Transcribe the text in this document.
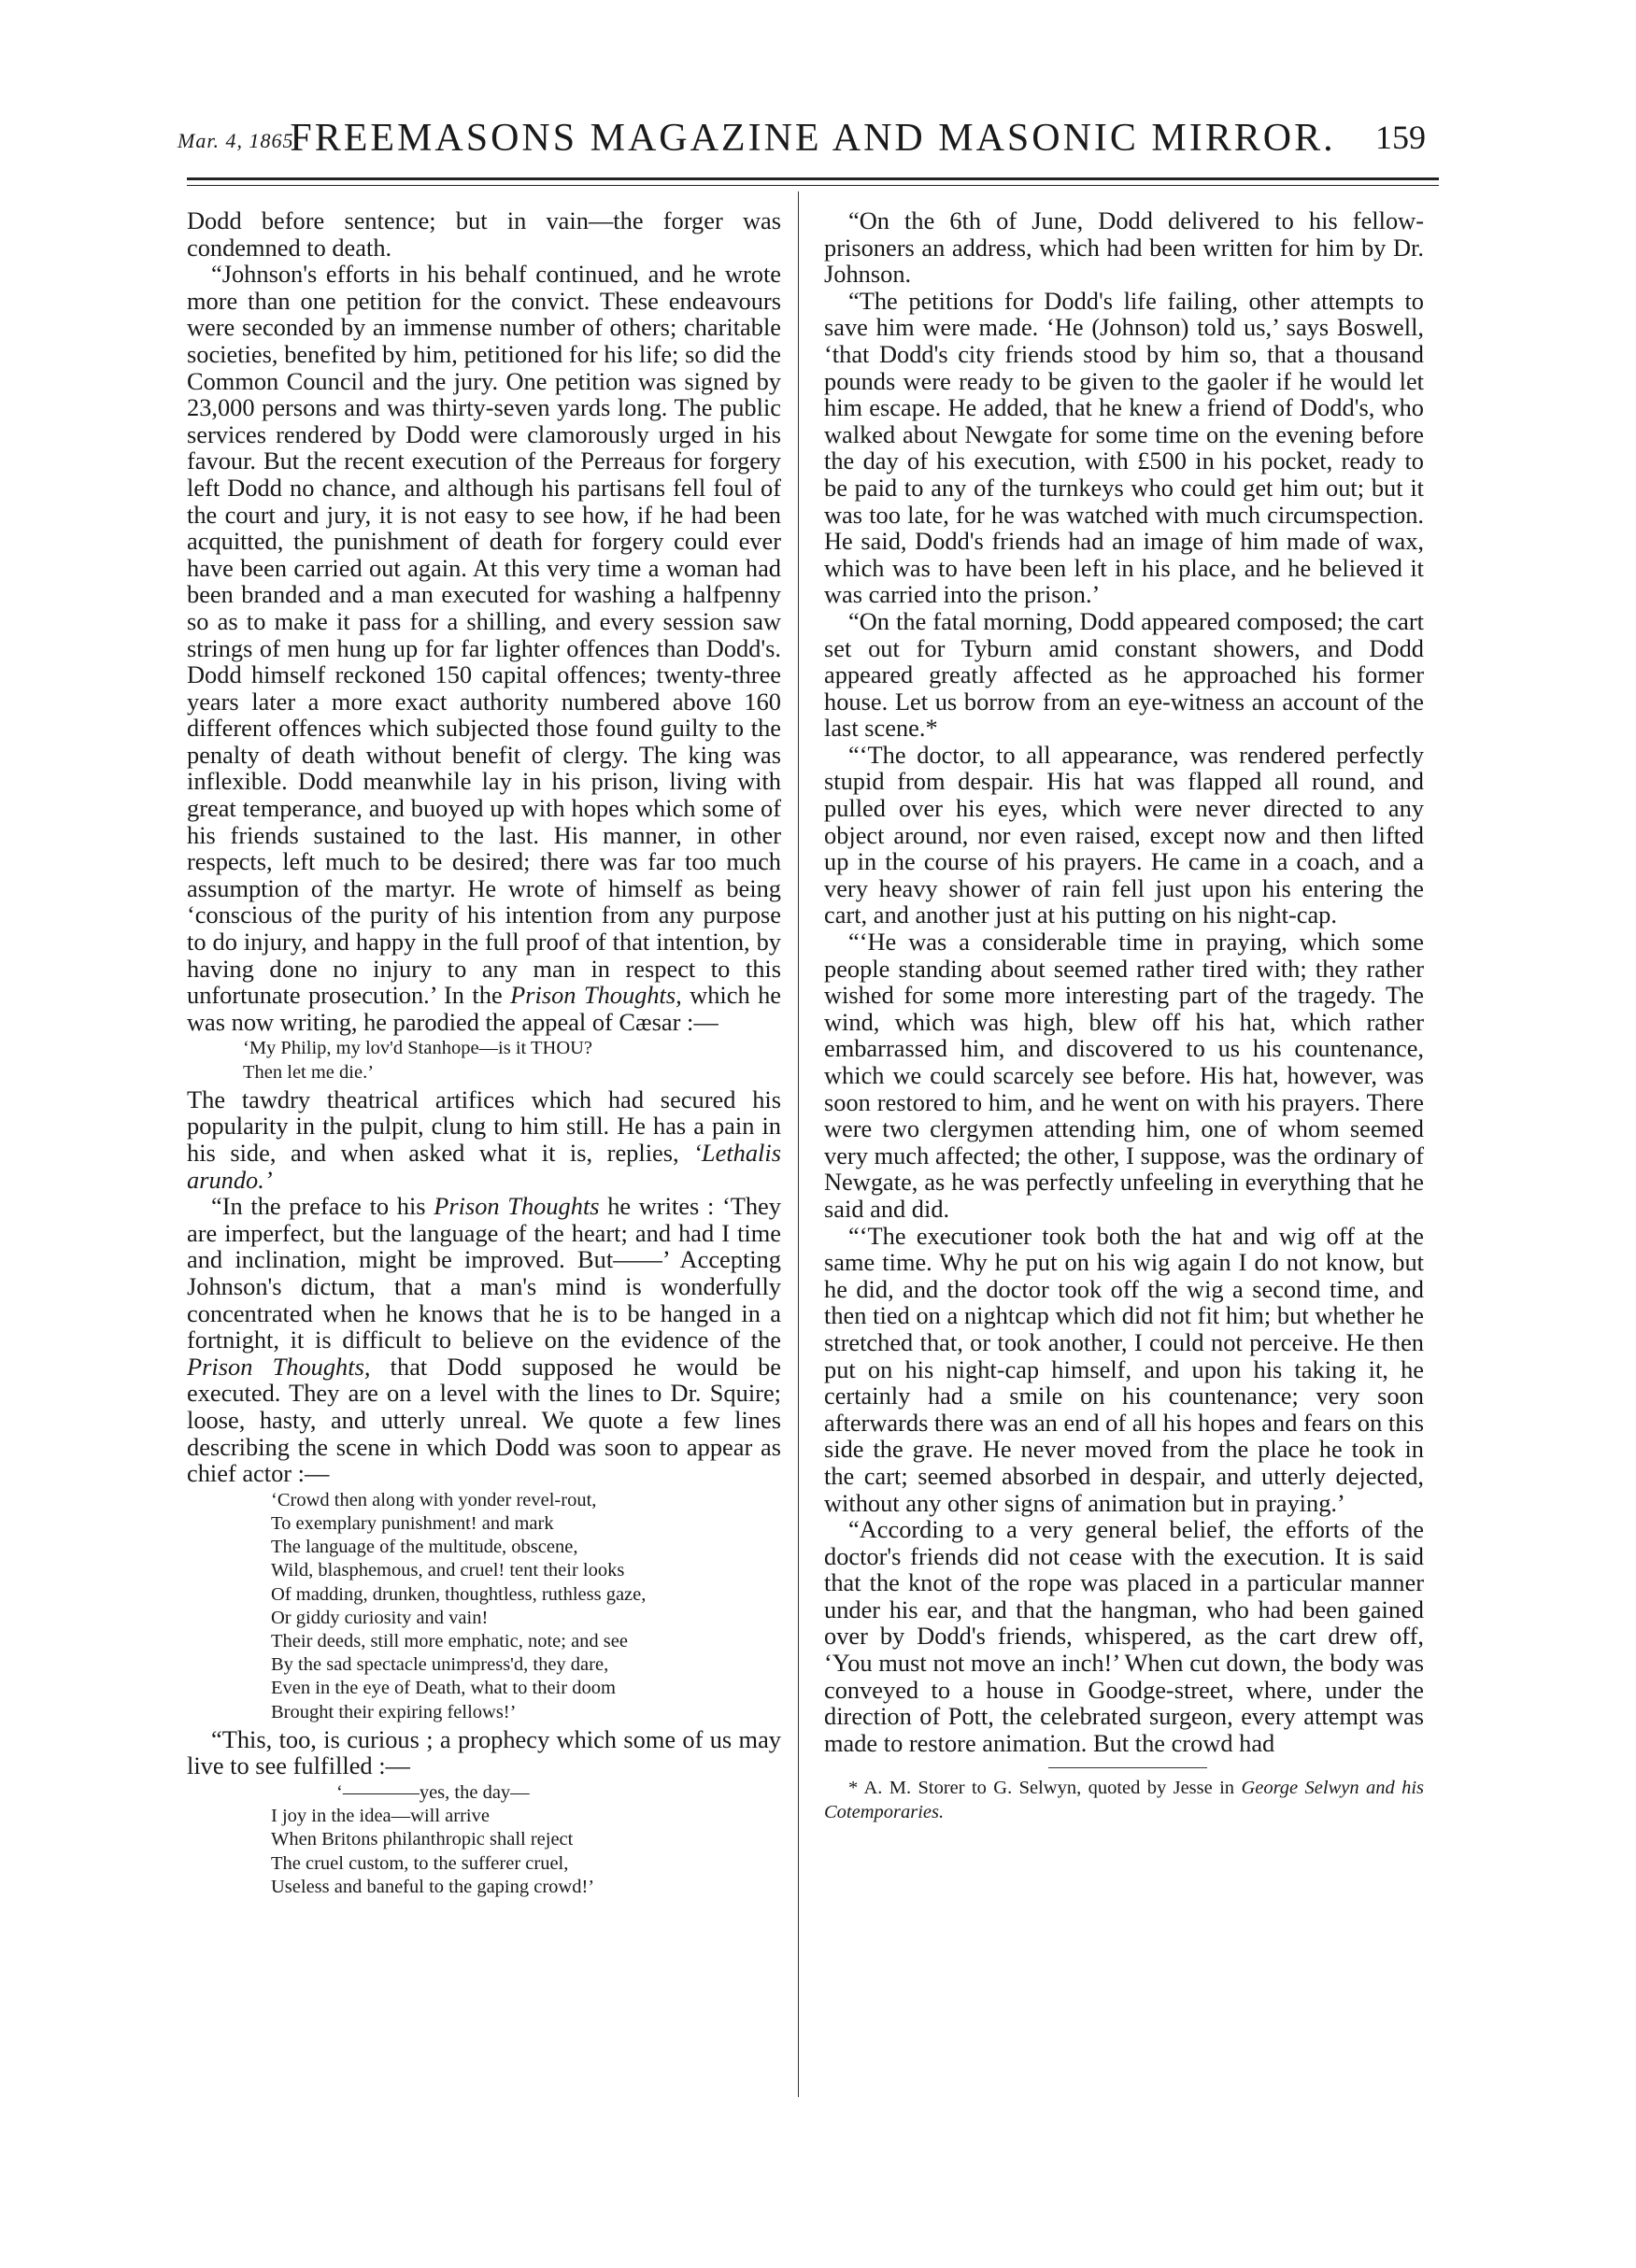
Mar. 4, 1865.
FREEMASONS MAGAZINE AND MASONIC MIRROR.	159

Dodd before sentence; but in vain—the forger was condemned to death.

“Johnson's efforts in his behalf continued, and he wrote more than one petition for the convict. These endeavours were seconded by an immense number of others; charitable societies, benefited by him, petitioned for his life; so did the Common Council and the jury. One petition was signed by 23,000 persons and was thirty-seven yards long. The public services rendered by Dodd were clamorously urged in his favour. But the recent execution of the Perreaus for forgery left Dodd no chance, and although his partisans fell foul of the court and jury, it is not easy to see how, if he had been acquitted, the punishment of death for forgery could ever have been carried out again. At this very time a woman had been branded and a man executed for washing a halfpenny so as to make it pass for a shilling, and every session saw strings of men hung up for far lighter offences than Dodd's. Dodd himself reckoned 150 capital offences; twenty-three years later a more exact authority numbered above 160 different offences which subjected those found guilty to the penalty of death without benefit of clergy. The king was inflexible. Dodd meanwhile lay in his prison, living with great temperance, and buoyed up with hopes which some of his friends sustained to the last. His manner, in other respects, left much to be desired; there was far too much assumption of the martyr. He wrote of himself as being ‘conscious of the purity of his intention from any purpose to do injury, and happy in the full proof of that intention, by having done no injury to any man in respect to this unfortunate prosecution.’ In the Prison Thoughts, which he was now writing, he parodied the appeal of Cæsar :—

‘My Philip, my lov'd Stanhope—is it THOU?
Then let me die.’

The tawdry theatrical artifices which had secured his popularity in the pulpit, clung to him still. He has a pain in his side, and when asked what it is, replies, ‘Lethalis arundo.’

“In the preface to his Prison Thoughts he writes : ‘They are imperfect, but the language of the heart; and had I time and inclination, might be improved. But——’ Accepting Johnson's dictum, that a man's mind is wonderfully concentrated when he knows that he is to be hanged in a fortnight, it is difficult to believe on the evidence of the Prison Thoughts, that Dodd supposed he would be executed. They are on a level with the lines to Dr. Squire; loose, hasty, and utterly unreal. We quote a few lines describing the scene in which Dodd was soon to appear as chief actor :—

‘Crowd then along with yonder revel-rout,
To exemplary punishment! and mark
The language of the multitude, obscene,
Wild, blasphemous, and cruel! tent their looks
Of madding, drunken, thoughtless, ruthless gaze,
Or giddy curiosity and vain!
Their deeds, still more emphatic, note; and see
By the sad spectacle unimpress'd, they dare,
Even in the eye of Death, what to their doom
Brought their expiring fellows!’

“This, too, is curious ; a prophecy which some of us may live to see fulfilled :—

‘————yes, the day—
I joy in the idea—will arrive
When Britons philanthropic shall reject
The cruel custom, to the sufferer cruel,
Useless and baneful to the gaping crowd!’

“On the 6th of June, Dodd delivered to his fellow-prisoners an address, which had been written for him by Dr. Johnson.

“The petitions for Dodd's life failing, other attempts to save him were made. ‘He (Johnson) told us,’ says Boswell, ‘that Dodd's city friends stood by him so, that a thousand pounds were ready to be given to the gaoler if he would let him escape. He added, that he knew a friend of Dodd's, who walked about Newgate for some time on the evening before the day of his execution, with £500 in his pocket, ready to be paid to any of the turnkeys who could get him out; but it was too late, for he was watched with much circumspection. He said, Dodd's friends had an image of him made of wax, which was to have been left in his place, and he believed it was carried into the prison.’

“On the fatal morning, Dodd appeared composed; the cart set out for Tyburn amid constant showers, and Dodd appeared greatly affected as he approached his former house. Let us borrow from an eye-witness an account of the last scene.*

“‘The doctor, to all appearance, was rendered perfectly stupid from despair. His hat was flapped all round, and pulled over his eyes, which were never directed to any object around, nor even raised, except now and then lifted up in the course of his prayers. He came in a coach, and a very heavy shower of rain fell just upon his entering the cart, and another just at his putting on his night-cap.

“‘He was a considerable time in praying, which some people standing about seemed rather tired with; they rather wished for some more interesting part of the tragedy. The wind, which was high, blew off his hat, which rather embarrassed him, and discovered to us his countenance, which we could scarcely see before. His hat, however, was soon restored to him, and he went on with his prayers. There were two clergymen attending him, one of whom seemed very much affected; the other, I suppose, was the ordinary of Newgate, as he was perfectly unfeeling in everything that he said and did.

“‘The executioner took both the hat and wig off at the same time. Why he put on his wig again I do not know, but he did, and the doctor took off the wig a second time, and then tied on a nightcap which did not fit him; but whether he stretched that, or took another, I could not perceive. He then put on his night-cap himself, and upon his taking it, he certainly had a smile on his countenance; very soon afterwards there was an end of all his hopes and fears on this side the grave. He never moved from the place he took in the cart; seemed absorbed in despair, and utterly dejected, without any other signs of animation but in praying.’

“According to a very general belief, the efforts of the doctor's friends did not cease with the execution. It is said that the knot of the rope was placed in a particular manner under his ear, and that the hangman, who had been gained over by Dodd's friends, whispered, as the cart drew off, ‘You must not move an inch!’ When cut down, the body was conveyed to a house in Goodge-street, where, under the direction of Pott, the celebrated surgeon, every attempt was made to restore animation. But the crowd had

* A. M. Storer to G. Selwyn, quoted by Jesse in George Selwyn and his Cotemporaries.
